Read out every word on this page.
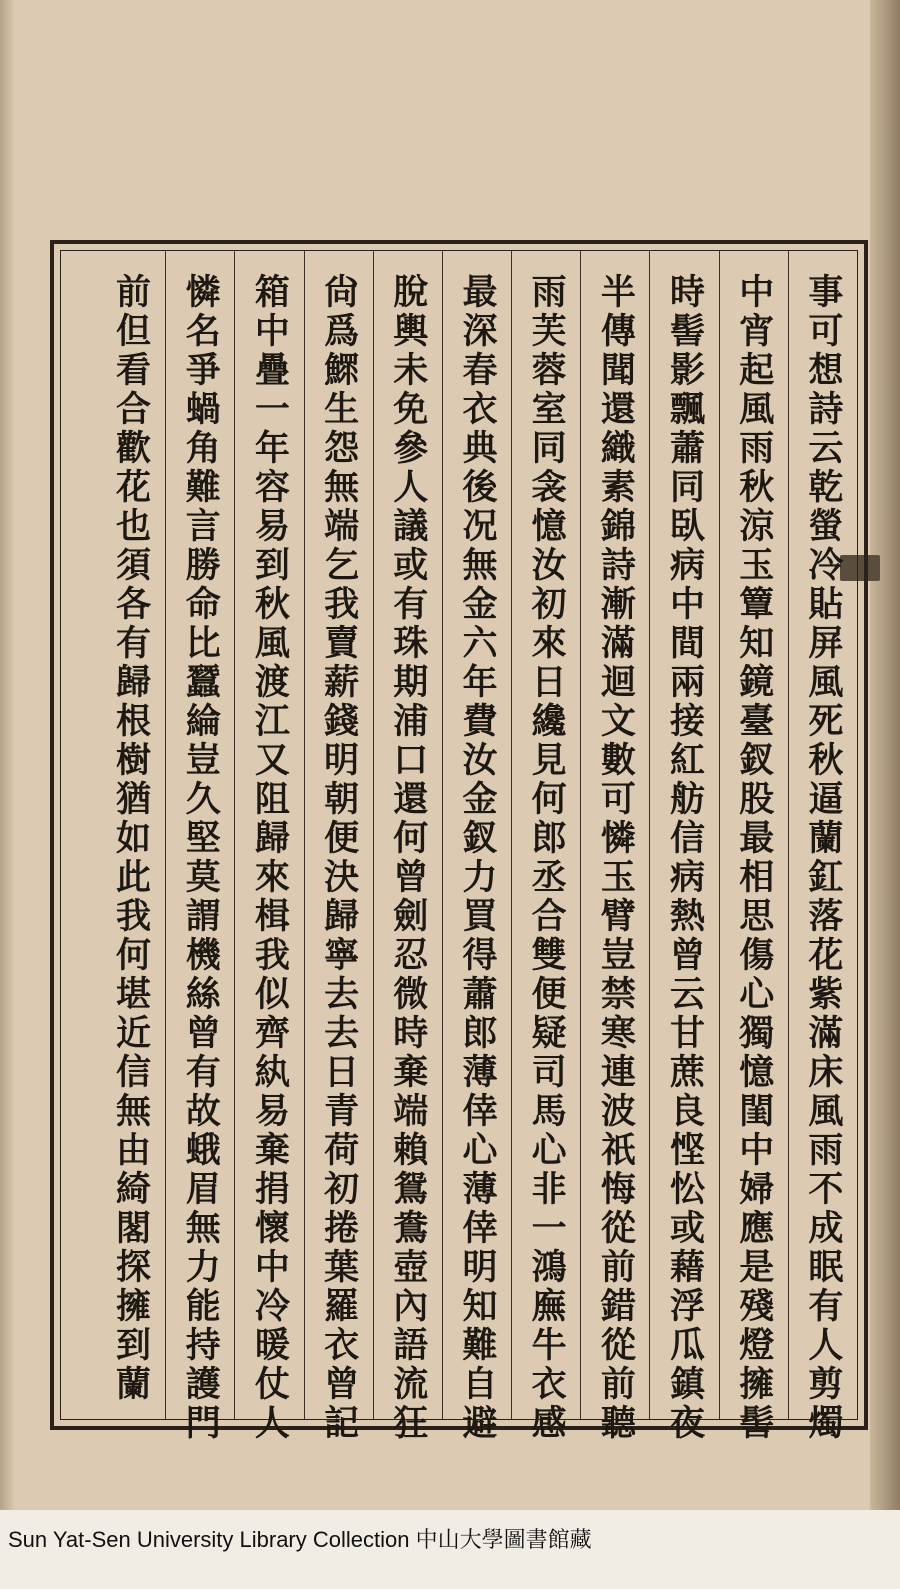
事可想詩云乾螢冷貼屏風死秋逼蘭釭落花紫滿床風雨不成眠有人剪燭
中宵起風雨秋涼玉簟知鏡臺釵股最相思傷心獨憶閨中婦應是殘燈擁髻
時髻影飄蕭同臥病中間兩接紅舫信病熱曾云甘蔗良悭忪或藉浮瓜鎮夜
半傳聞還織素錦詩漸滿迴文數可憐玉臂豈禁寒連波祇悔從前錯從前聽
雨芙蓉室同衾憶汝初來日纔見何郎丞合雙便疑司馬心非一鴻廡牛衣感
最深春衣典後况無金六年費汝金釵力買得蕭郎薄倖心薄倖明知難自避
脫輿未免參人議或有珠期浦口還何曾劍忍微時棄端賴鴛鴦壺內語流狂
尙爲鰥生怨無端乞我賣薪錢明朝便決歸寧去去日青荷初捲葉羅衣曾記
箱中疊一年容易到秋風渡江又阻歸來楫我似齊紈易棄捐懷中冷暖仗人
憐名爭蝸角難言勝命比蠶綸豈久堅莫謂機絲曾有故蛾眉無力能持護門
前但看合歡花也須各有歸根樹猶如此我何堪近信無由綺閣探擁到蘭
Sun Yat-Sen University Library Collection 中山大學圖書館藏
